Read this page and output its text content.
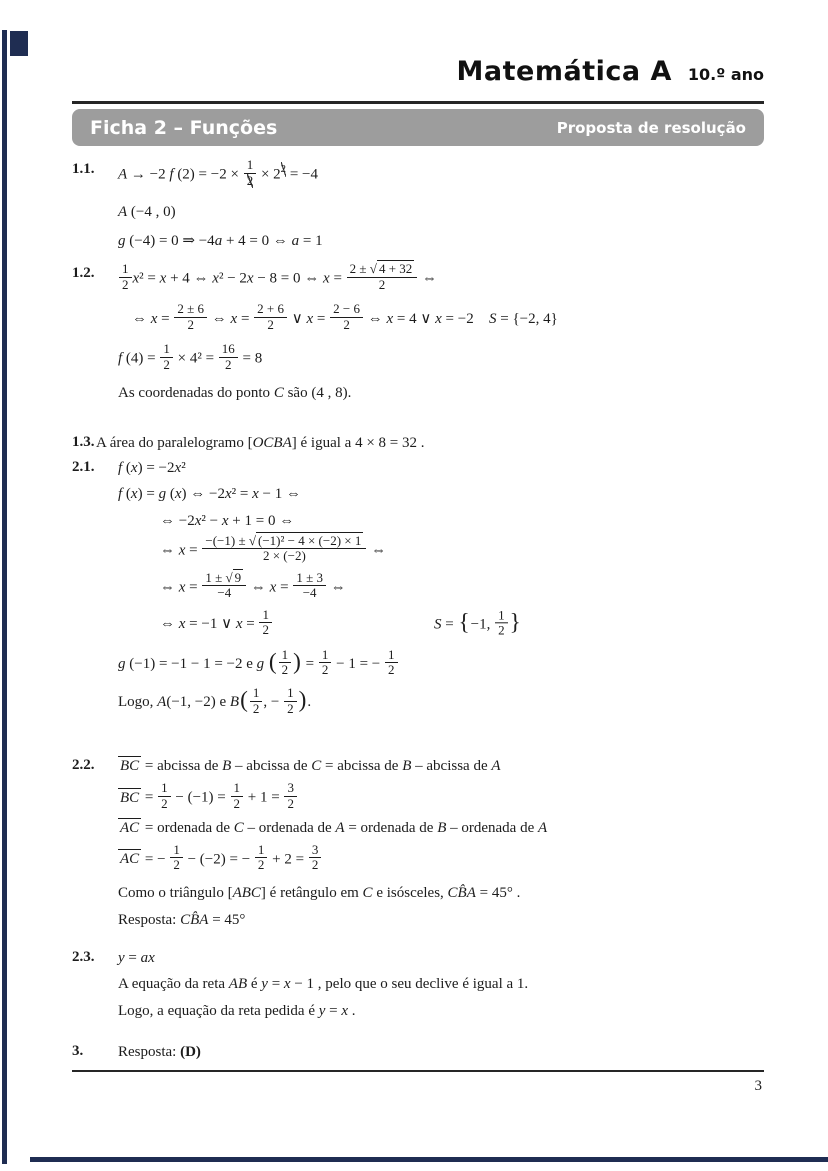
Matemática A 10.º ano
Ficha 2 – Funções	Proposta de resolução
1.1.	A → −2 f $(2) = -2 \times \frac{1}{2} \times 2^2 = -4$
A (−4 , 0)
g (−4) = 0 ⇒ −4a + 4 = 0 ⇔ a = 1
1.2.	$\frac{1}{2} x^2 = x + 4$ ⇔ x² − 2x − 8 = 0 ⇔ $x = \frac{2 \pm √ 4 + 32}{2}$ ⇔
⇔ $x = \frac{2 \pm 6}{2}$ ⇔ $x = \frac{2 + 6}{2}$ ∨ $x = \frac{2 - 6}{2}$ ⇔ x = 4 ∨ x = −2 S = {−2, 4}
f $(4) = \frac{1}{2} \times 4^2 = \frac{16}{2} = 8$
As coordenadas do ponto C são (4 , 8).
1.3. A área do paralelogramo [OCBA] é igual a 4 × 8 = 32 .
2.1.	f (x) = −2x²
f (x) = g (x) ⇔ −2x² = x − 1 ⇔
⇔ −2x² − x + 1 = 0 ⇔
⇔ $x = \frac{\text{−(−1) ± √ (−1)² − 4 × (−2) × 1}}{2 \times (-2)}$ ⇔
⇔ $x = \frac{1 \pm √ 9}{-4}$ ⇔ $x = \frac{1 \pm 3}{-4}$ ⇔
⇔ x = −1 ∨ $x = \frac{1}{2}$	S = {−1, $\frac{1}{2}$ }
g (−1) = −1 − 1 = −2 e g ( $\frac{1}{2}$ ) = $\frac{1}{2} - 1$ = − $\frac{1}{2}$
Logo, A(−1, −2) e $B( \frac{1}{2}$ , − $\frac{1}{2}$ ).
2.2.	BC = abcissa de B – abcissa de C = abcissa de B – abcissa de A
BC = $\frac{1}{2} - (-1) = \frac{1}{2} + 1 = \frac{3}{2}$
AC = ordenada de C – ordenada de A = ordenada de B – ordenada de A
AC = − $\frac{1}{2} - (-2)$ = − $\frac{1}{2} + 2 = \frac{3}{2}$
Como o triângulo [ABC] é retângulo em C e isósceles, CB̂A = 45° .
Resposta: CB̂A = 45°
2.3.	y = ax
A equação da reta AB é y = x − 1 , pelo que o seu declive é igual a 1.
Logo, a equação da reta pedida é y = x .
3.	Resposta: (D)
3
